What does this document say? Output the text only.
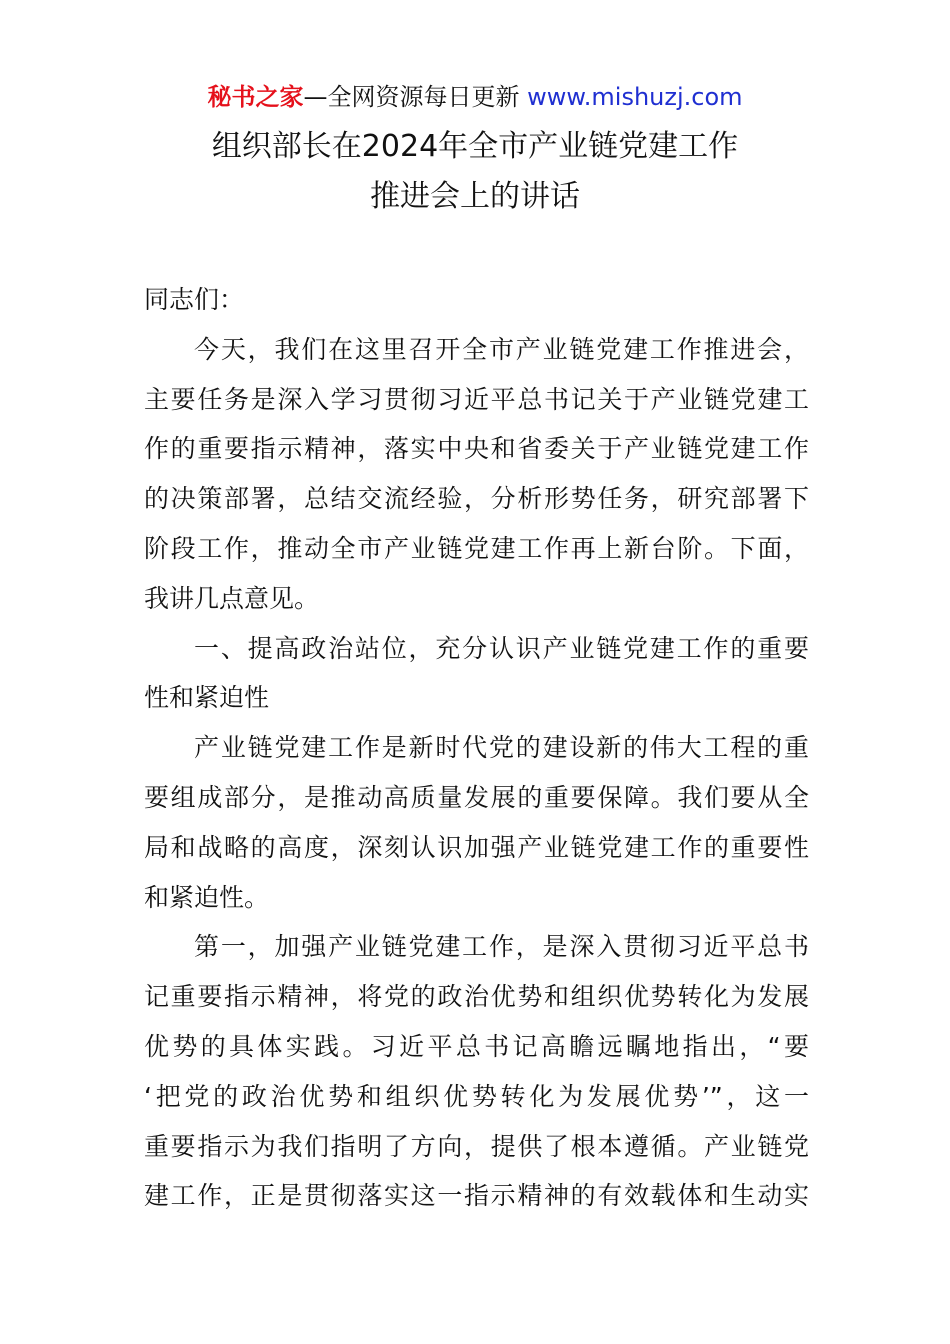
秘书之家—全网资源每日更新 www.mishuzj.com
组织部长在2024年全市产业链党建工作
推进会上的讲话
同志们：
今天，我们在这里召开全市产业链党建工作推进会，
主要任务是深入学习贯彻习近平总书记关于产业链党建工
作的重要指示精神，落实中央和省委关于产业链党建工作
的决策部署，总结交流经验，分析形势任务，研究部署下
阶段工作，推动全市产业链党建工作再上新台阶。下面，
我讲几点意见。
一、提高政治站位，充分认识产业链党建工作的重要
性和紧迫性
产业链党建工作是新时代党的建设新的伟大工程的重
要组成部分，是推动高质量发展的重要保障。我们要从全
局和战略的高度，深刻认识加强产业链党建工作的重要性
和紧迫性。
第一，加强产业链党建工作，是深入贯彻习近平总书
记重要指示精神，将党的政治优势和组织优势转化为发展
优势的具体实践。习近平总书记高瞻远瞩地指出，“要
‘把党的政治优势和组织优势转化为发展优势’”，这一
重要指示为我们指明了方向，提供了根本遵循。产业链党
建工作，正是贯彻落实这一指示精神的有效载体和生动实
